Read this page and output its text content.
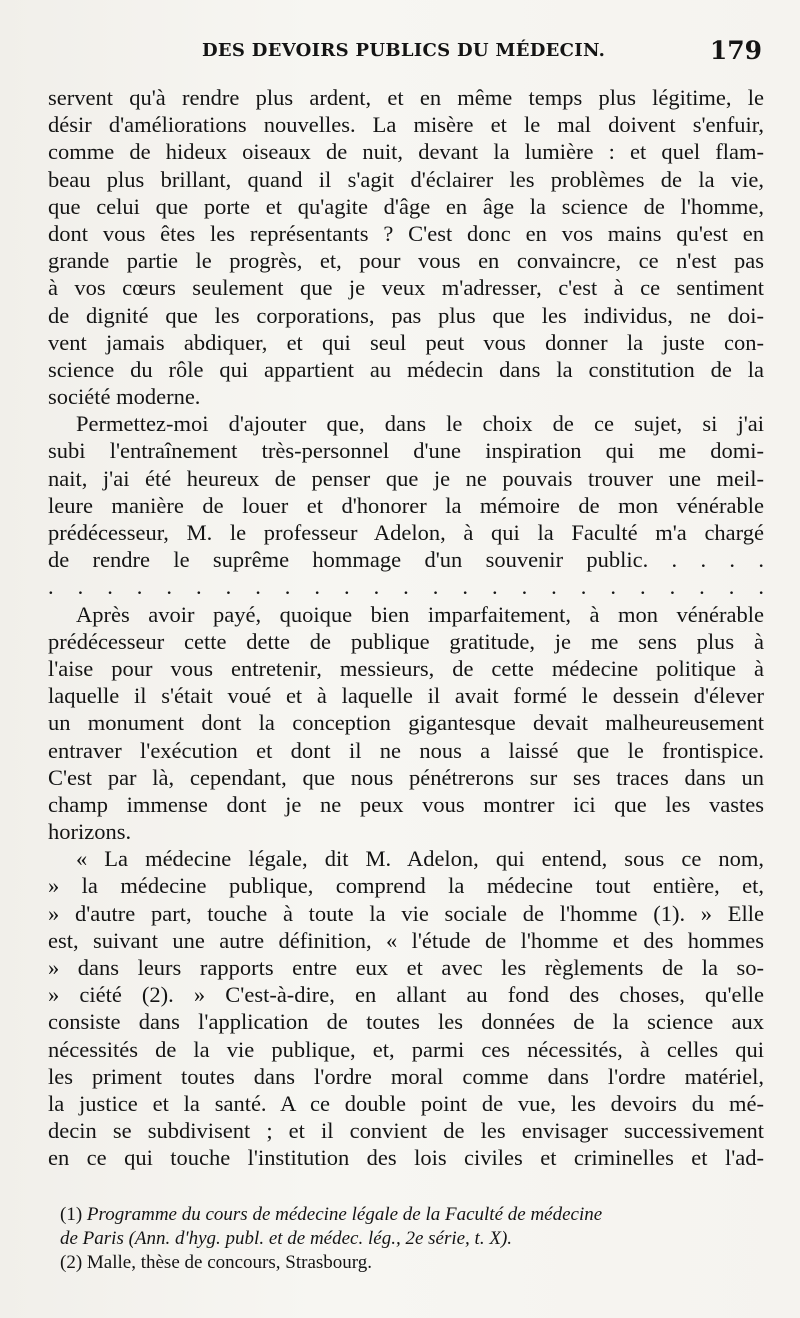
DES DEVOIRS PUBLICS DU MÉDECIN.	179
servent qu'à rendre plus ardent, et en même temps plus légitime, le
désir d'améliorations nouvelles. La misère et le mal doivent s'enfuir,
comme de hideux oiseaux de nuit, devant la lumière : et quel flam-
beau plus brillant, quand il s'agit d'éclairer les problèmes de la vie,
que celui que porte et qu'agite d'âge en âge la science de l'homme,
dont vous êtes les représentants ? C'est donc en vos mains qu'est en
grande partie le progrès, et, pour vous en convaincre, ce n'est pas
à vos cœurs seulement que je veux m'adresser, c'est à ce sentiment
de dignité que les corporations, pas plus que les individus, ne doi-
vent jamais abdiquer, et qui seul peut vous donner la juste con-
science du rôle qui appartient au médecin dans la constitution de la
société moderne.
Permettez-moi d'ajouter que, dans le choix de ce sujet, si j'ai
subi l'entraînement très-personnel d'une inspiration qui me domi-
nait, j'ai été heureux de penser que je ne pouvais trouver une meil-
leure manière de louer et d'honorer la mémoire de mon vénérable
prédécesseur, M. le professeur Adelon, à qui la Faculté m'a chargé
de rendre le suprême hommage d'un souvenir public. . . . .
. . . . . . . . . . . . . . . . . . . . . . . . .
Après avoir payé, quoique bien imparfaitement, à mon vénérable
prédécesseur cette dette de publique gratitude, je me sens plus à
l'aise pour vous entretenir, messieurs, de cette médecine politique à
laquelle il s'était voué et à laquelle il avait formé le dessein d'élever
un monument dont la conception gigantesque devait malheureusement
entraver l'exécution et dont il ne nous a laissé que le frontispice.
C'est par là, cependant, que nous pénétrerons sur ses traces dans un
champ immense dont je ne peux vous montrer ici que les vastes
horizons.
« La médecine légale, dit M. Adelon, qui entend, sous ce nom,
» la médecine publique, comprend la médecine tout entière, et,
» d'autre part, touche à toute la vie sociale de l'homme (1). » Elle
est, suivant une autre définition, « l'étude de l'homme et des hommes
» dans leurs rapports entre eux et avec les règlements de la so-
» ciété (2). » C'est-à-dire, en allant au fond des choses, qu'elle
consiste dans l'application de toutes les données de la science aux
nécessités de la vie publique, et, parmi ces nécessités, à celles qui
les priment toutes dans l'ordre moral comme dans l'ordre matériel,
la justice et la santé. A ce double point de vue, les devoirs du mé-
decin se subdivisent ; et il convient de les envisager successivement
en ce qui touche l'institution des lois civiles et criminelles et l'ad-
(1) Programme du cours de médecine légale de la Faculté de médecine
de Paris (Ann. d'hyg. publ. et de médec. lég., 2e série, t. X).
(2) Malle, thèse de concours, Strasbourg.
